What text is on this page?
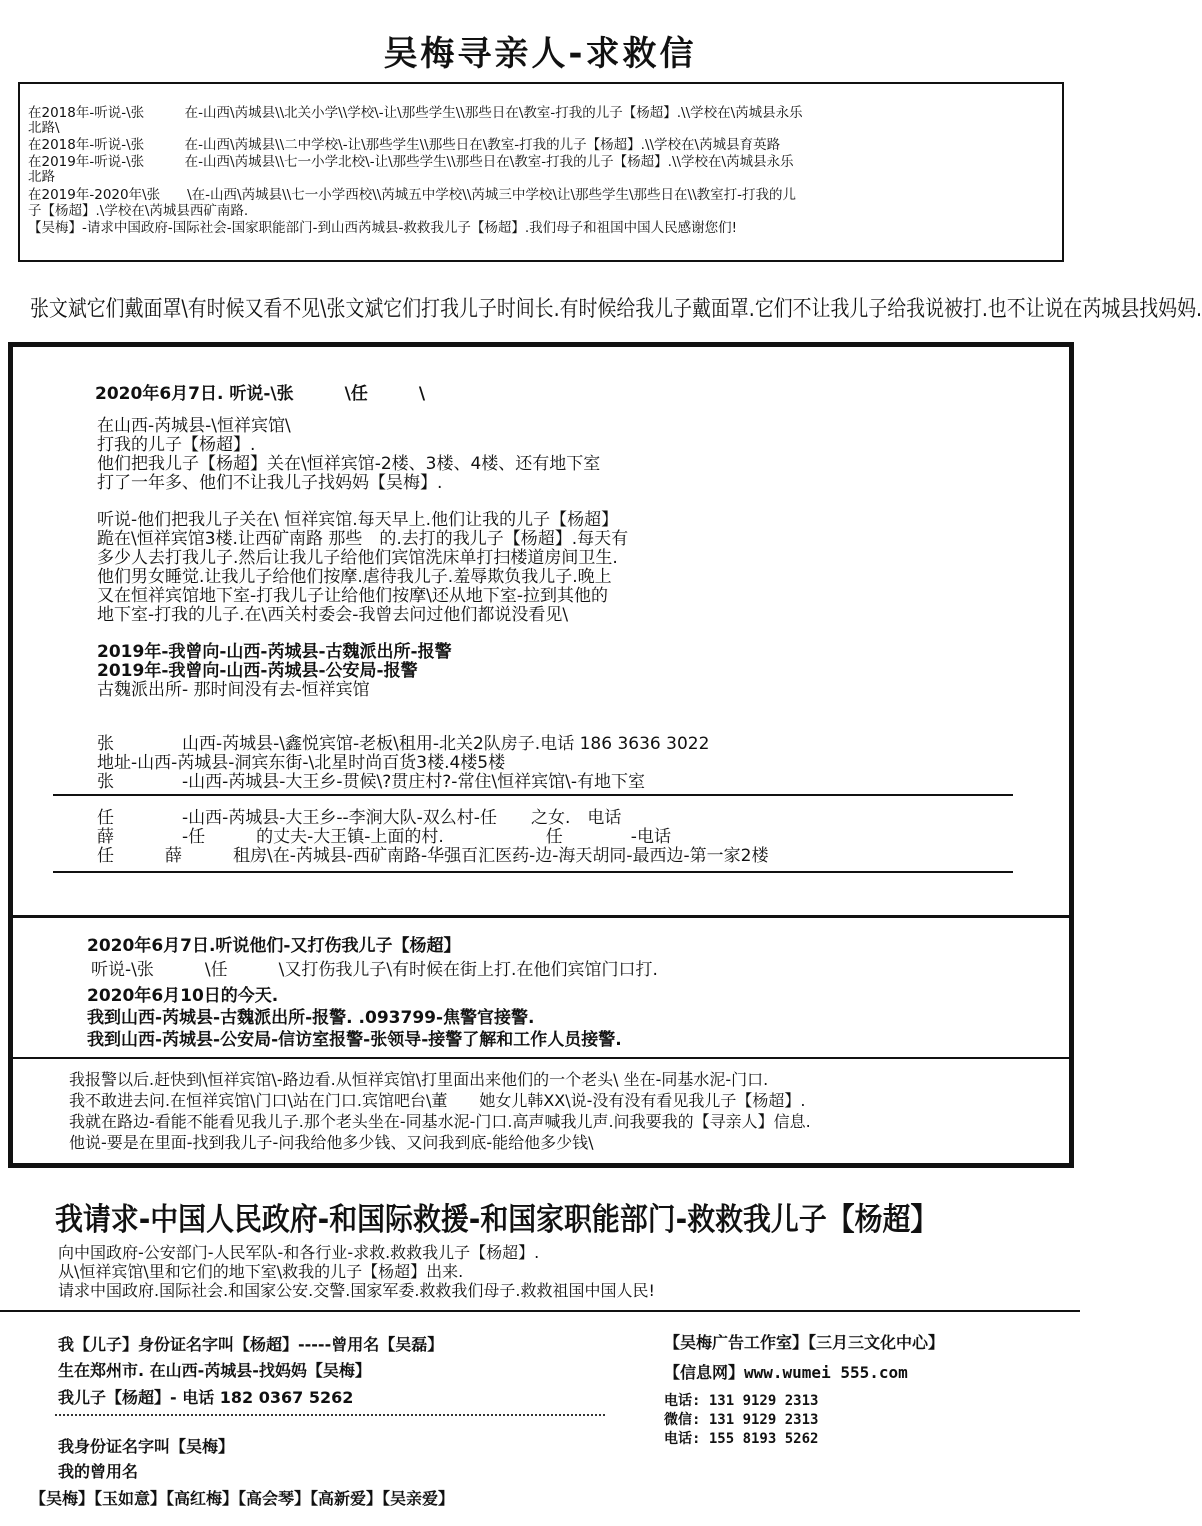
吴梅寻亲人-求救信
在2018年-听说-\张　　　在-山西\芮城县\\北关小学\\学校\-让\那些学生\\那些日在\教室-打我的儿子【杨超】.\\学校在\芮城县永乐
北路\
在2018年-听说-\张　　　在-山西\芮城县\\二中学校\-让\那些学生\\那些日在\教室-打我的儿子【杨超】.\\学校在\芮城县育英路
在2019年-听说-\张　　　在-山西\芮城县\\七一小学北校\-让\那些学生\\那些日在\教室-打我的儿子【杨超】.\\学校在\芮城县永乐
北路
在2019年-2020年\张　　\在-山西\芮城县\\七一小学西校\\芮城五中学校\\芮城三中学校\让\那些学生\那些日在\\教室打-打我的儿
子【杨超】.\学校在\芮城县西矿南路.
【吴梅】-请求中国政府-国际社会-国家职能部门-到山西芮城县-救救我儿子【杨超】.我们母子和祖国中国人民感谢您们!
张文斌它们戴面罩\有时候又看不见\张文斌它们打我儿子时间长.有时候给我儿子戴面罩.它们不让我儿子给我说被打.也不让说在芮城县找妈妈.
2020年6月7日. 听说-\张　　　\任　　　\
在山西-芮城县-\恒祥宾馆\
打我的儿子【杨超】.
他们把我儿子【杨超】关在\恒祥宾馆-2楼、3楼、4楼、还有地下室
打了一年多、他们不让我儿子找妈妈【吴梅】.
听说-他们把我儿子关在\ 恒祥宾馆.每天早上.他们让我的儿子【杨超】
跪在\恒祥宾馆3楼.让西矿南路 那些　的.去打的我儿子【杨超】.每天有
多少人去打我儿子.然后让我儿子给他们宾馆洗床单打扫楼道房间卫生.
他们男女睡觉.让我儿子给他们按摩.虐待我儿子.羞辱欺负我儿子.晚上
又在恒祥宾馆地下室-打我儿子让给他们按摩\还从地下室-拉到其他的
地下室-打我的儿子.在\西关村委会-我曾去问过他们都说没看见\
2019年-我曾向-山西-芮城县-古魏派出所-报警
2019年-我曾向-山西-芮城县-公安局-报警
古魏派出所- 那时间没有去-恒祥宾馆
张　　　　山西-芮城县-\鑫悦宾馆-老板\租用-北关2队房子.电话 186 3636 3022
地址-山西-芮城县-洞宾东街-\北星时尚百货3楼.4楼5楼
张　　　　-山西-芮城县-大王乡-贯候\?贯庄村?-常住\恒祥宾馆\-有地下室
任　　　　-山西-芮城县-大王乡--李涧大队-双么村-任　　之女.　电话
薛　　　　-任　　　的丈夫-大王镇-上面的村.　　　　　　任　　　　-电话
任　　　薛　　　租房\在-芮城县-西矿南路-华强百汇医药-边-海天胡同-最西边-第一家2楼
2020年6月7日.听说他们-又打伤我儿子【杨超】
听说-\张　　　\任　　　\又打伤我儿子\有时候在街上打.在他们宾馆门口打.
2020年6月10日的今天.
我到山西-芮城县-古魏派出所-报警. .093799-焦警官接警.
我到山西-芮城县-公安局-信访室报警-张领导-接警了解和工作人员接警.
我报警以后.赶快到\恒祥宾馆\-路边看.从恒祥宾馆\打里面出来他们的一个老头\ 坐在-同基水泥-门口.
我不敢进去问.在恒祥宾馆\门口\站在门口.宾馆吧台\董　　她女儿韩XX\说-没有没有看见我儿子【杨超】.
我就在路边-看能不能看见我儿子.那个老头坐在-同基水泥-门口.高声喊我儿声.问我要我的【寻亲人】信息.
他说-要是在里面-找到我儿子-问我给他多少钱、又问我到底-能给他多少钱\
我请求-中国人民政府-和国际救援-和国家职能部门-救救我儿子【杨超】
向中国政府-公安部门-人民军队-和各行业-求救.救救我儿子【杨超】.
从\恒祥宾馆\里和它们的地下室\救我的儿子【杨超】出来.
请求中国政府.国际社会.和国家公安.交警.国家军委.救救我们母子.救救祖国中国人民!
我【儿子】身份证名字叫【杨超】-----曾用名【吴磊】
生在郑州市. 在山西-芮城县-找妈妈【吴梅】
我儿子【杨超】- 电话 182 0367 5262
我身份证名字叫【吴梅】
我的曾用名
【吴梅】【玉如意】【高红梅】【高会琴】【高新爱】【吴亲爱】
【吴梅广告工作室】【三月三文化中心】
【信息网】www.wumei 555.com
电话: 131 9129 2313
微信: 131 9129 2313
电话: 155 8193 5262
